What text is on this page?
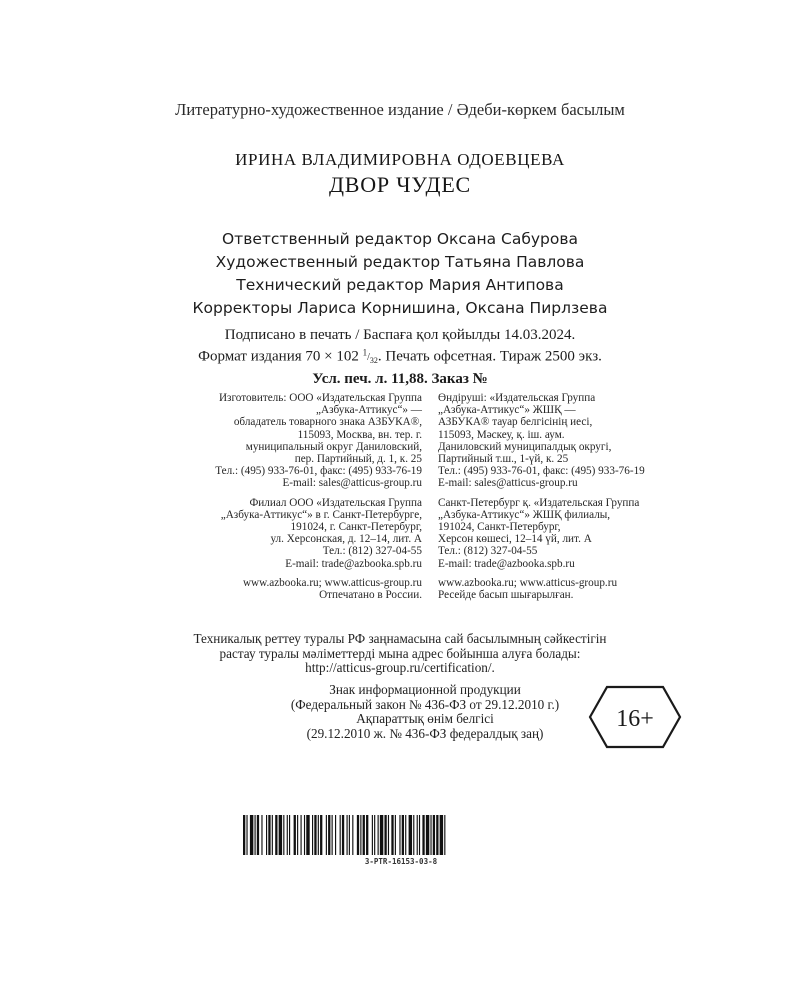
Литературно-художественное издание / Әдеби-көркем басылым
ИРИНА ВЛАДИМИРОВНА ОДОЕВЦЕВА
ДВОР ЧУДЕС
Ответственный редактор Оксана Сабурова
Художественный редактор Татьяна Павлова
Технический редактор Мария Антипова
Корректоры Лариса Корнишина, Оксана Пирлзева
Подписано в печать / Баспаға қол қойылды 14.03.2024.
Формат издания 70 × 102 $^1/_{32}$. Печать офсетная. Тираж 2500 экз.
Усл. печ. л. 11,88. Заказ №
Изготовитель: ООО «Издательская Группа
„Азбука-Аттикус“» —
обладатель товарного знака АЗБУКА®,
115093, Москва, вн. тер. г.
муниципальный округ Даниловский,
пер. Партийный, д. 1, к. 25
Тел.: (495) 933-76-01, факс: (495) 933-76-19
E-mail: sales@atticus-group.ru
Филиал ООО «Издательская Группа
„Азбука-Аттикус“» в г. Санкт-Петербурге,
191024, г. Санкт-Петербург,
ул. Херсонская, д. 12–14, лит. А
Тел.: (812) 327-04-55
E-mail: trade@azbooka.spb.ru
www.azbooka.ru; www.atticus-group.ru
Отпечатано в России.
Өндіруші: «Издательская Группа
„Азбука-Аттикус“» ЖШҚ —
АЗБУКА® тауар белгісінің иесі,
115093, Мәскеу, қ. іш. аум.
Даниловский муниципалдық округі,
Партийный т.ш., 1-үй, к. 25
Тел.: (495) 933-76-01, факс: (495) 933-76-19
E-mail: sales@atticus-group.ru
Санкт-Петербург қ. «Издательская Группа
„Азбука-Аттикус“» ЖШҚ филиалы,
191024, Санкт-Петербург,
Херсон көшесі, 12–14 үй, лит. А
Тел.: (812) 327-04-55
E-mail: trade@azbooka.spb.ru
www.azbooka.ru; www.atticus-group.ru
Ресейде басып шығарылған.
Техникалық реттеу туралы РФ заңнамасына сай басылымның сәйкестігін
растау туралы мәліметтерді мына адрес бойынша алуға болады:
http://atticus-group.ru/certification/.
Знак информационной продукции
(Федеральный закон № 436-ФЗ от 29.12.2010 г.)
Ақпараттық өнім белгісі
(29.12.2010 ж. № 436-ФЗ федералдық заң)
16+
3-PTR-16153-03-8
